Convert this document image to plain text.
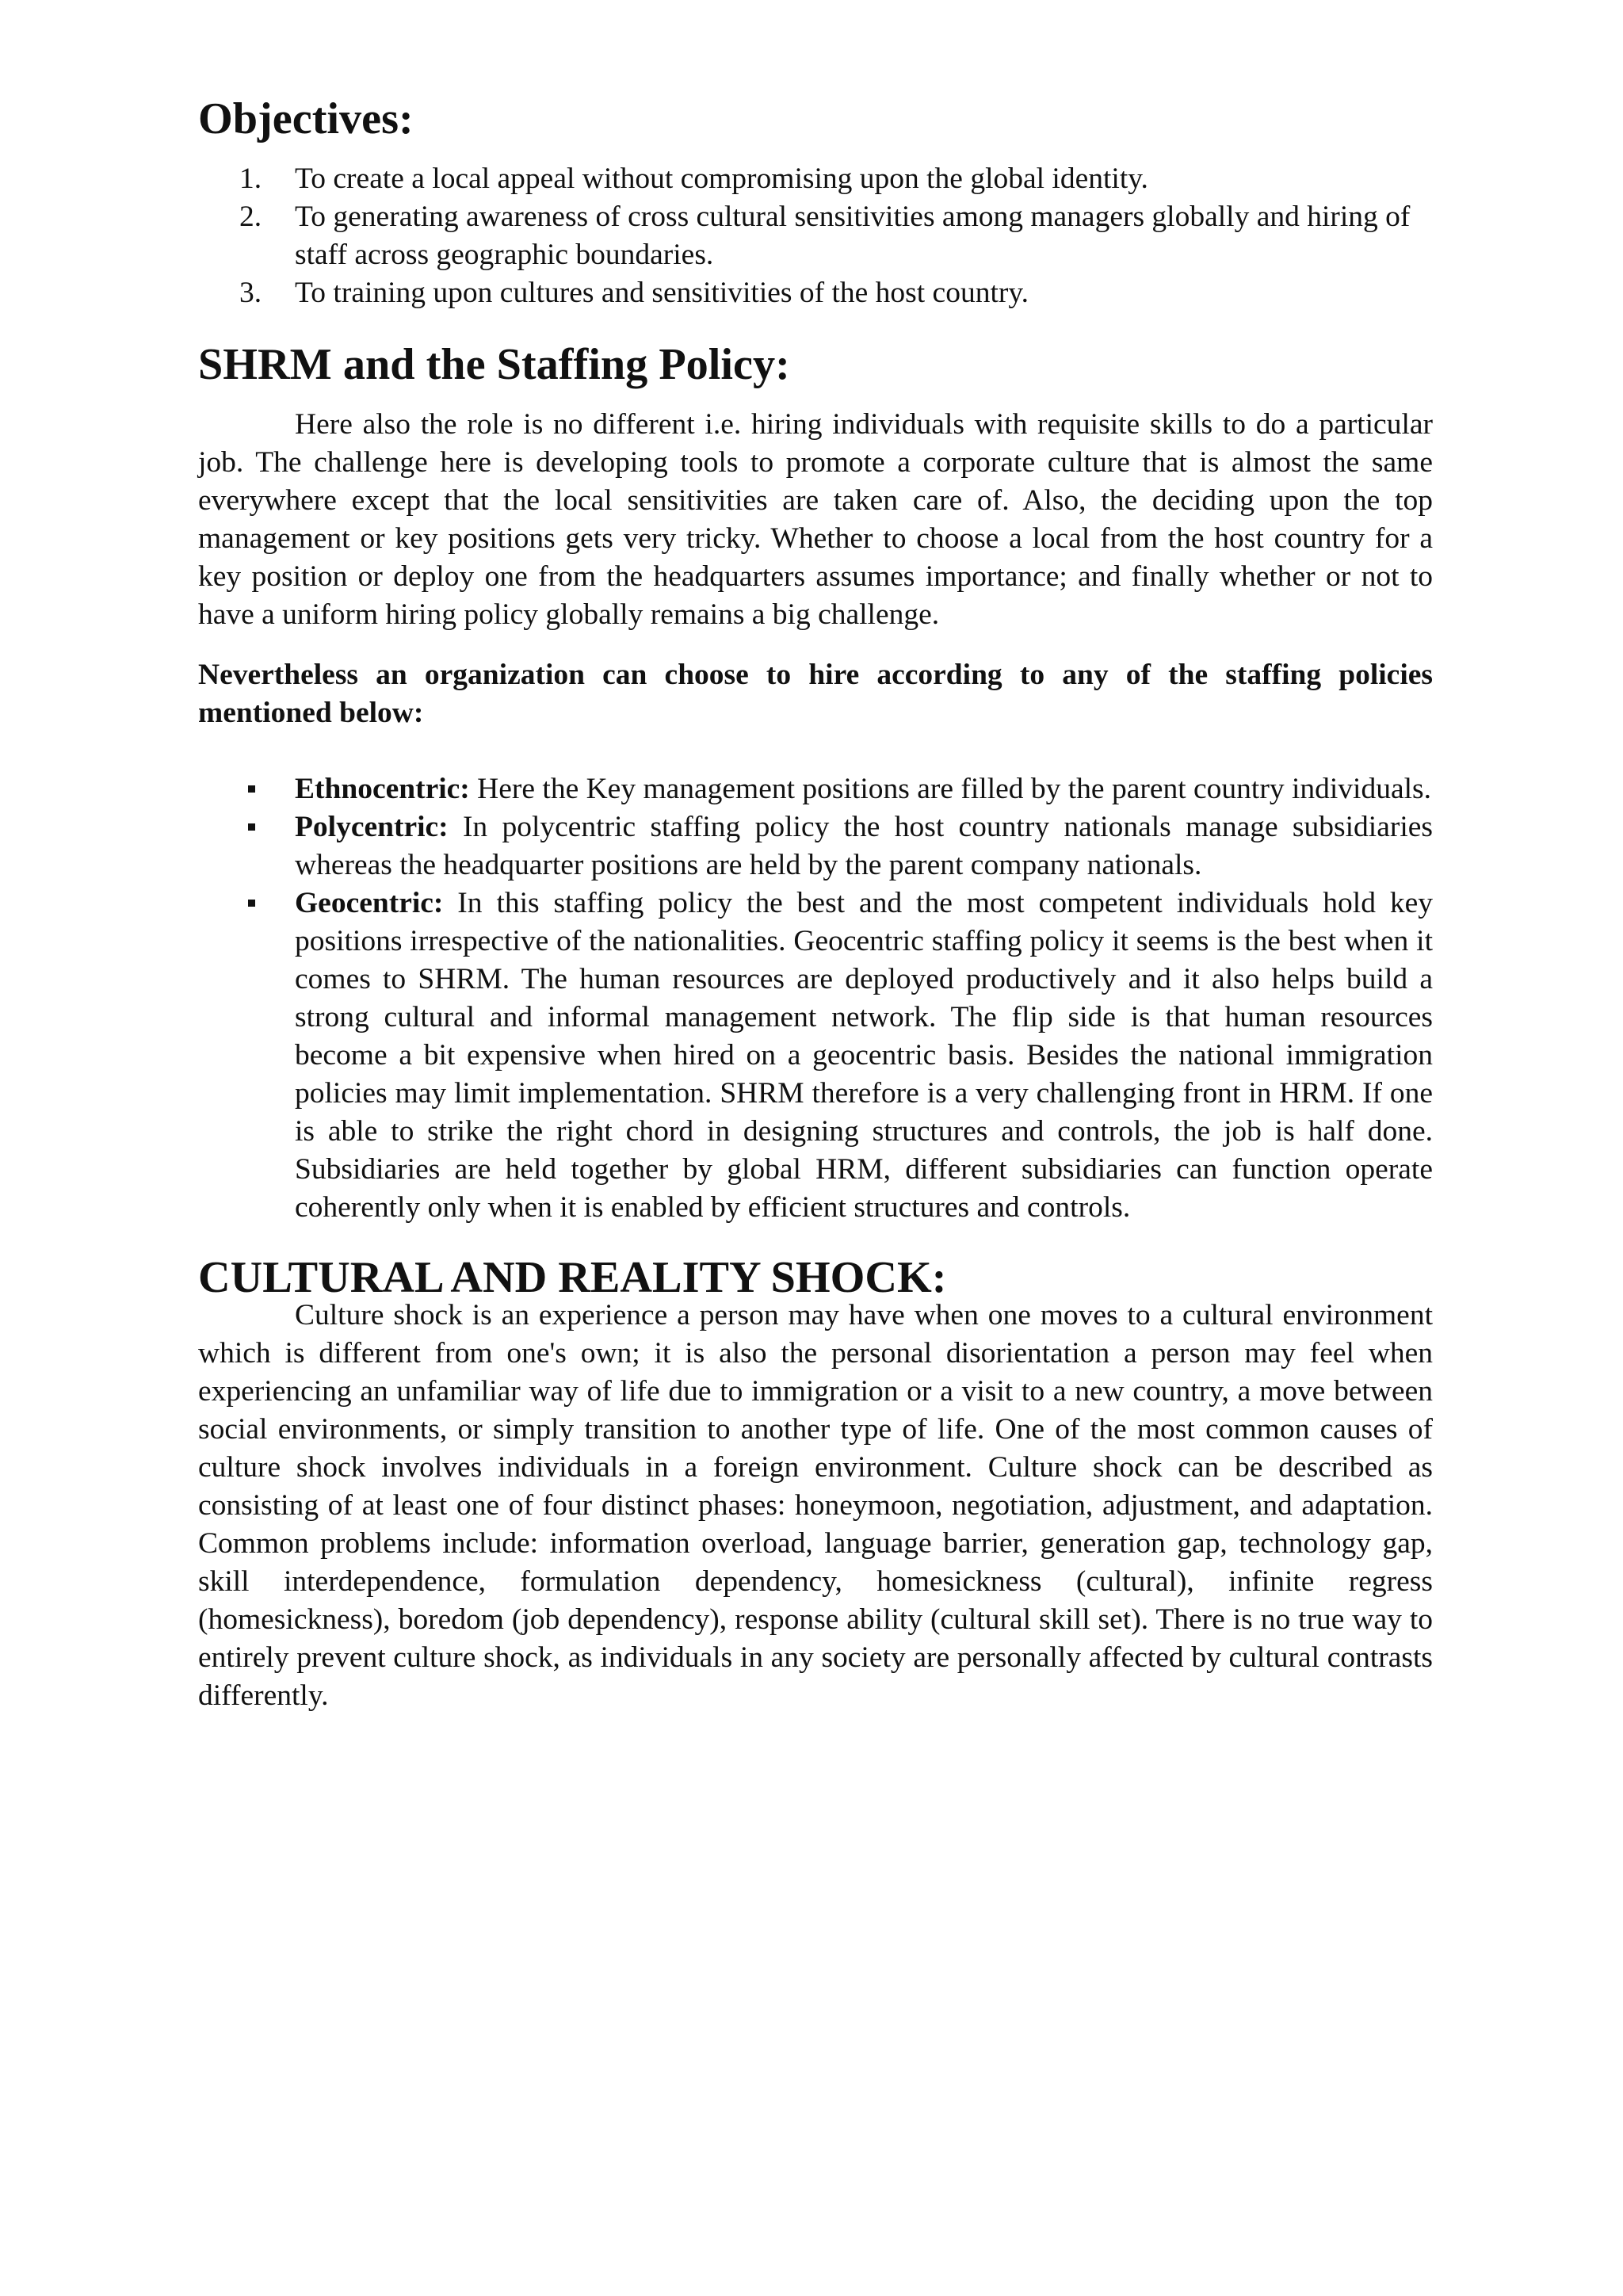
Objectives:
1.	To create a local appeal without compromising upon the global identity.
2.	To generating awareness of cross cultural sensitivities among managers globally and hiring of staff across geographic boundaries.
3.	To training upon cultures and sensitivities of the host country.
SHRM and the Staffing Policy:

Here also the role is no different i.e. hiring individuals with requisite skills to do a particular job. The challenge here is developing tools to promote a corporate culture that is almost the same everywhere except that the local sensitivities are taken care of. Also, the deciding upon the top management or key positions gets very tricky. Whether to choose a local from the host country for a key position or deploy one from the headquarters assumes importance; and finally whether or not to have a uniform hiring policy globally remains a big challenge.

Nevertheless an organization can choose to hire according to any of the staffing policies mentioned below:

Ethnocentric: Here the Key management positions are filled by the parent country individuals.
Polycentric: In polycentric staffing policy the host country nationals manage subsidiaries whereas the headquarter positions are held by the parent company nationals.
Geocentric: In this staffing policy the best and the most competent individuals hold key positions irrespective of the nationalities. Geocentric staffing policy it seems is the best when it comes to SHRM. The human resources are deployed productively and it also helps build a strong cultural and informal management network. The flip side is that human resources become a bit expensive when hired on a geocentric basis. Besides the national immigration policies may limit implementation. SHRM therefore is a very challenging front in HRM. If one is able to strike the right chord in designing structures and controls, the job is half done. Subsidiaries are held together by global HRM, different subsidiaries can function operate coherently only when it is enabled by efficient structures and controls.
CULTURAL AND REALITY SHOCK:

Culture shock is an experience a person may have when one moves to a cultural environment which is different from one's own; it is also the personal disorientation a person may feel when experiencing an unfamiliar way of life due to immigration or a visit to a new country, a move between social environments, or simply transition to another type of life. One of the most common causes of culture shock involves individuals in a foreign environment. Culture shock can be described as consisting of at least one of four distinct phases: honeymoon, negotiation, adjustment, and adaptation. Common problems include: information overload, language barrier, generation gap, technology gap, skill interdependence, formulation dependency, homesickness (cultural), infinite regress (homesickness), boredom (job dependency), response ability (cultural skill set). There is no true way to entirely prevent culture shock, as individuals in any society are personally affected by cultural contrasts differently.
